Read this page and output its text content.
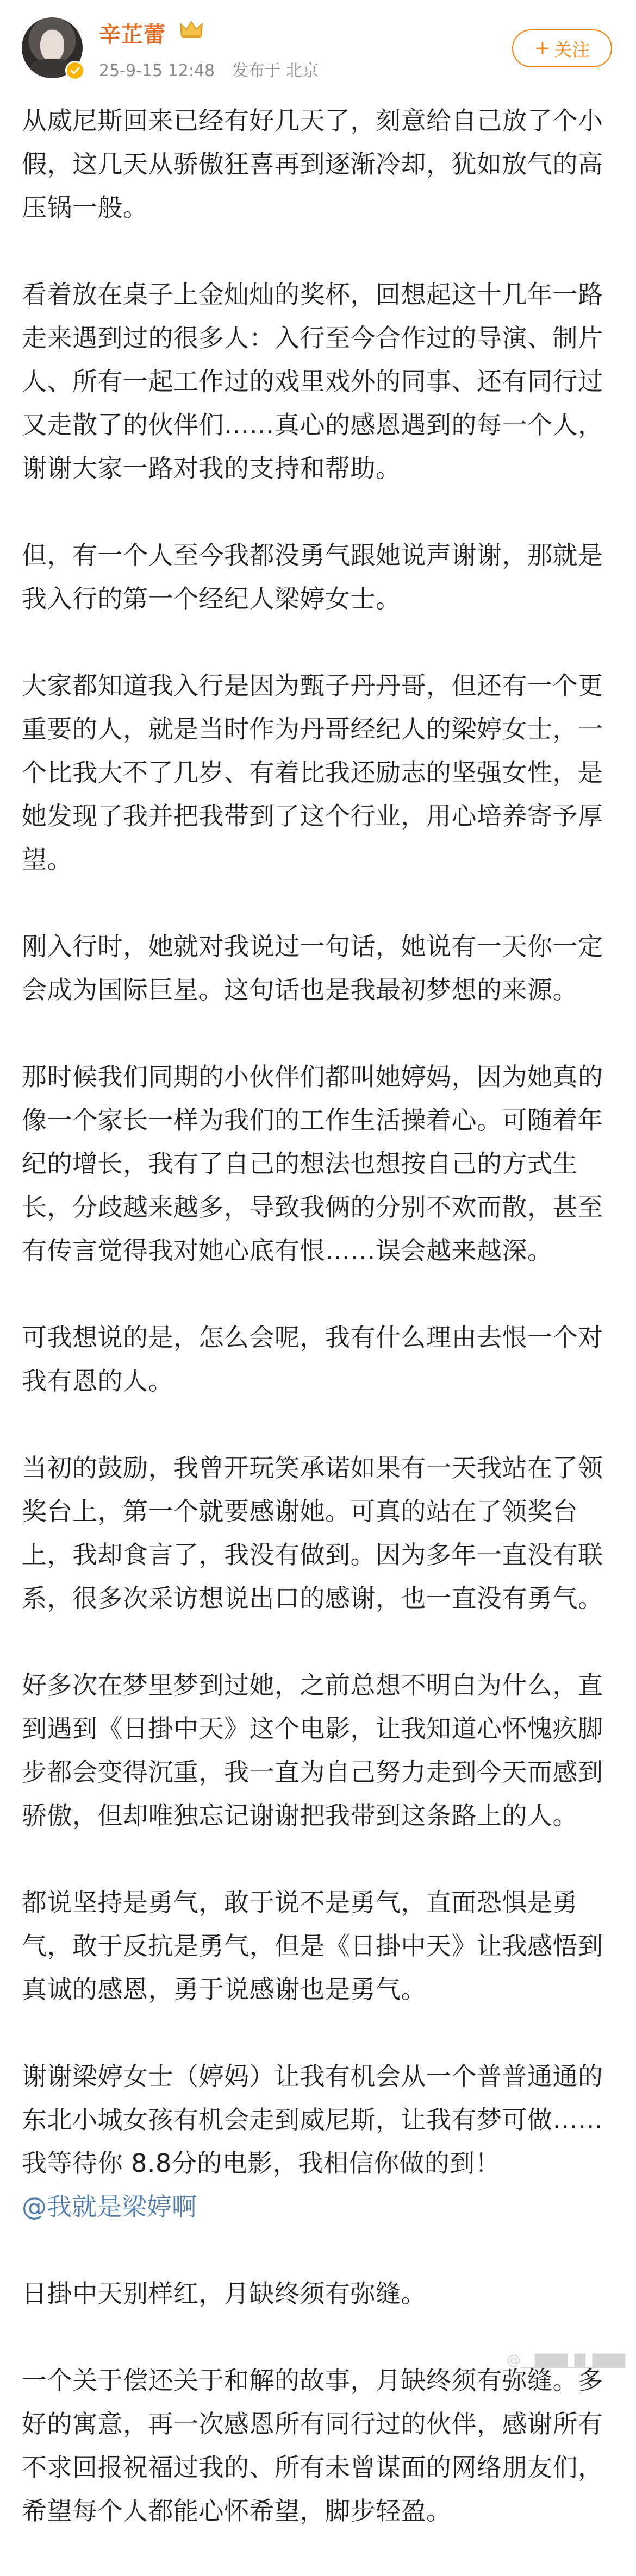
辛芷蕾
25-9-15 12:48 发布于 北京
+ 关注

从威尼斯回来已经有好几天了，刻意给自己放了个小假，这几天从骄傲狂喜再到逐渐冷却，犹如放气的高压锅一般。

看着放在桌子上金灿灿的奖杯，回想起这十几年一路走来遇到过的很多人：入行至今合作过的导演、制片人、所有一起工作过的戏里戏外的同事、还有同行过又走散了的伙伴们……真心的感恩遇到的每一个人，谢谢大家一路对我的支持和帮助。

但，有一个人至今我都没勇气跟她说声谢谢，那就是我入行的第一个经纪人梁婷女士。

大家都知道我入行是因为甄子丹丹哥，但还有一个更重要的人，就是当时作为丹哥经纪人的梁婷女士，一个比我大不了几岁、有着比我还励志的坚强女性，是她发现了我并把我带到了这个行业，用心培养寄予厚望。

刚入行时，她就对我说过一句话，她说有一天你一定会成为国际巨星。这句话也是我最初梦想的来源。

那时候我们同期的小伙伴们都叫她婷妈，因为她真的像一个家长一样为我们的工作生活操着心。可随着年纪的增长，我有了自己的想法也想按自己的方式生长，分歧越来越多，导致我俩的分别不欢而散，甚至有传言觉得我对她心底有恨……误会越来越深。

可我想说的是，怎么会呢，我有什么理由去恨一个对我有恩的人。

当初的鼓励，我曾开玩笑承诺如果有一天我站在了领奖台上，第一个就要感谢她。可真的站在了领奖台上，我却食言了，我没有做到。因为多年一直没有联系，很多次采访想说出口的感谢，也一直没有勇气。

好多次在梦里梦到过她，之前总想不明白为什么，直到遇到《日掛中天》这个电影，让我知道心怀愧疚脚步都会变得沉重，我一直为自己努力走到今天而感到骄傲，但却唯独忘记谢谢把我带到这条路上的人。

都说坚持是勇气，敢于说不是勇气，直面恐惧是勇气，敢于反抗是勇气，但是《日掛中天》让我感悟到真诚的感恩，勇于说感谢也是勇气。

谢谢梁婷女士（婷妈）让我有机会从一个普普通通的东北小城女孩有机会走到威尼斯，让我有梦可做……我等待你 8.8分的电影，我相信你做的到！

@我就是梁婷啊

日掛中天别样红，月缺终须有弥缝。

一个关于偿还关于和解的故事，月缺终须有弥缝。多好的寓意，再一次感恩所有同行过的伙伴，感谢所有不求回报祝福过我的、所有未曾谋面的网络朋友们，希望每个人都能心怀希望，脚步轻盈。

@__▇▇▇_▇_▇▇▇
